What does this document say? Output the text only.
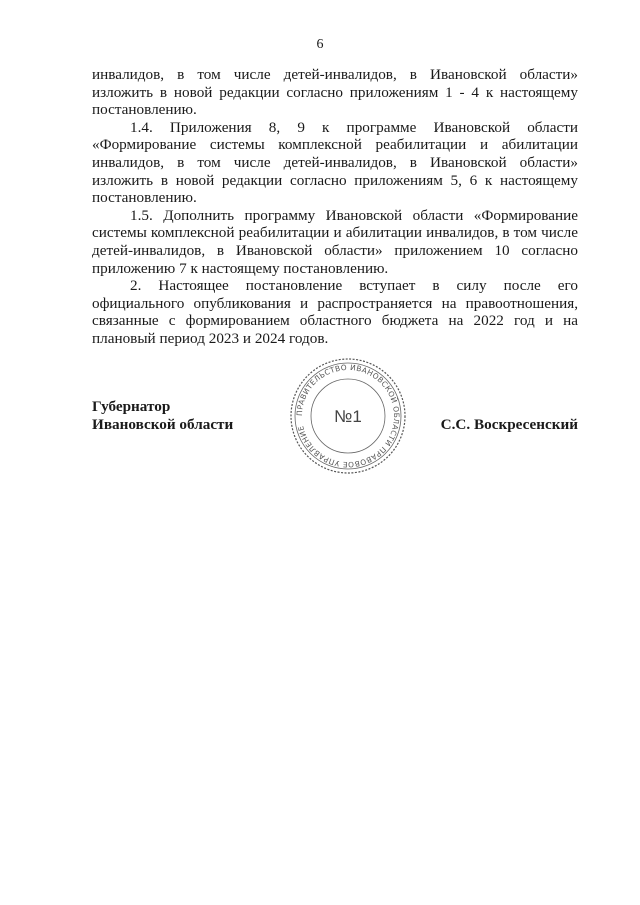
6

инвалидов, в том числе детей-инвалидов, в Ивановской области» изложить в новой редакции согласно приложениям 1 - 4 к настоящему постановлению.

1.4. Приложения 8, 9 к программе Ивановской области «Формирование системы комплексной реабилитации и абилитации инвалидов, в том числе детей-инвалидов, в Ивановской области» изложить в новой редакции согласно приложениям 5, 6 к настоящему постановлению.

1.5. Дополнить программу Ивановской области «Формирование системы комплексной реабилитации и абилитации инвалидов, в том числе детей-инвалидов, в Ивановской области» приложением 10 согласно приложению 7 к настоящему постановлению.

2. Настоящее постановление вступает в силу после его официального опубликования и распространяется на правоотношения, связанные с формированием областного бюджета на 2022 год и на плановый период 2023 и 2024 годов.

Губернатор
Ивановской области
ПРАВИТЕЛЬСТВО ИВАНОВСКОЙ ОБЛАСТИ ПРАВОВОЕ УПРАВЛЕНИЕ
№1	С.С. Воскресенский
